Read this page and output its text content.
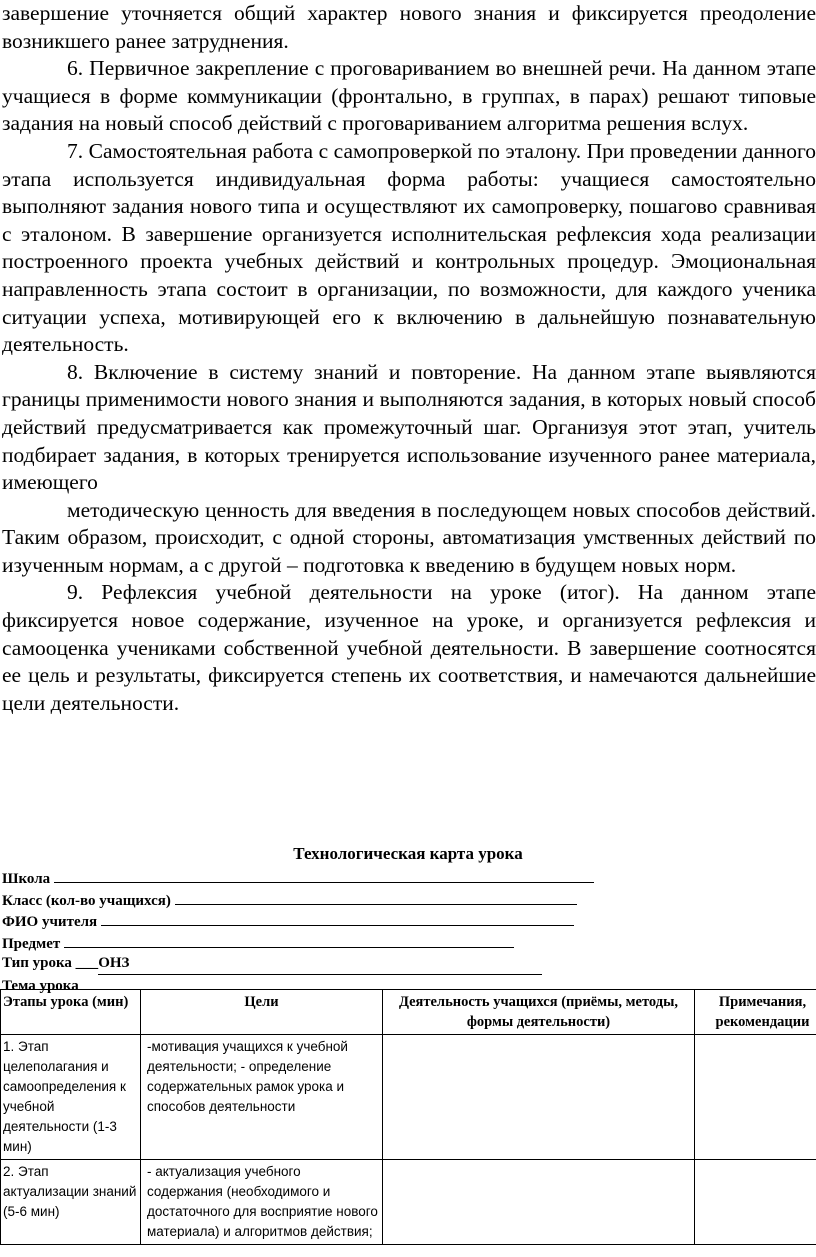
завершение уточняется общий характер нового знания и фиксируется преодоление возникшего ранее затруднения.

6. Первичное закрепление с проговариванием во внешней речи. На данном этапе учащиеся в форме коммуникации (фронтально, в группах, в парах) решают типовые задания на новый способ действий с проговариванием алгоритма решения вслух.

7. Самостоятельная работа с самопроверкой по эталону. При проведении данного этапа используется индивидуальная форма работы: учащиеся самостоятельно выполняют задания нового типа и осуществляют их самопроверку, пошагово сравнивая с эталоном. В завершение организуется исполнительская рефлексия хода реализации построенного проекта учебных действий и контрольных процедур. Эмоциональная направленность этапа состоит в организации, по возможности, для каждого ученика ситуации успеха, мотивирующей его к включению в дальнейшую познавательную деятельность.

8. Включение в систему знаний и повторение. На данном этапе выявляются границы применимости нового знания и выполняются задания, в которых новый способ действий предусматривается как промежуточный шаг. Организуя этот этап, учитель подбирает задания, в которых тренируется использование изученного ранее материала, имеющего

методическую ценность для введения в последующем новых способов действий. Таким образом, происходит, с одной стороны, автоматизация умственных действий по изученным нормам, а с другой – подготовка к введению в будущем новых норм.

9. Рефлексия учебной деятельности на уроке (итог). На данном этапе фиксируется новое содержание, изученное на уроке, и организуется рефлексия и самооценка учениками собственной учебной деятельности. В завершение соотносятся ее цель и результаты, фиксируется степень их соответствия, и намечаются дальнейшие цели деятельности.

Технологическая карта урока
Школа
Класс (кол-во учащихся)
ФИО учителя
Предмет
Тип урока ___ОНЗ
Тема урока
Этапы урока (мин)	Цели	Деятельность учащихся (приёмы, методы, формы деятельности)	Примечания, рекомендации
1. Этап целеполагания и самоопределения к учебной деятельности (1-3 мин)	-мотивация учащихся к учебной деятельности; - определение содержательных рамок урока и способов деятельности		
2. Этап актуализации знаний (5-6 мин)	- актуализация учебного содержания (необходимого и достаточного для восприятие нового материала) и алгоритмов действия;		
